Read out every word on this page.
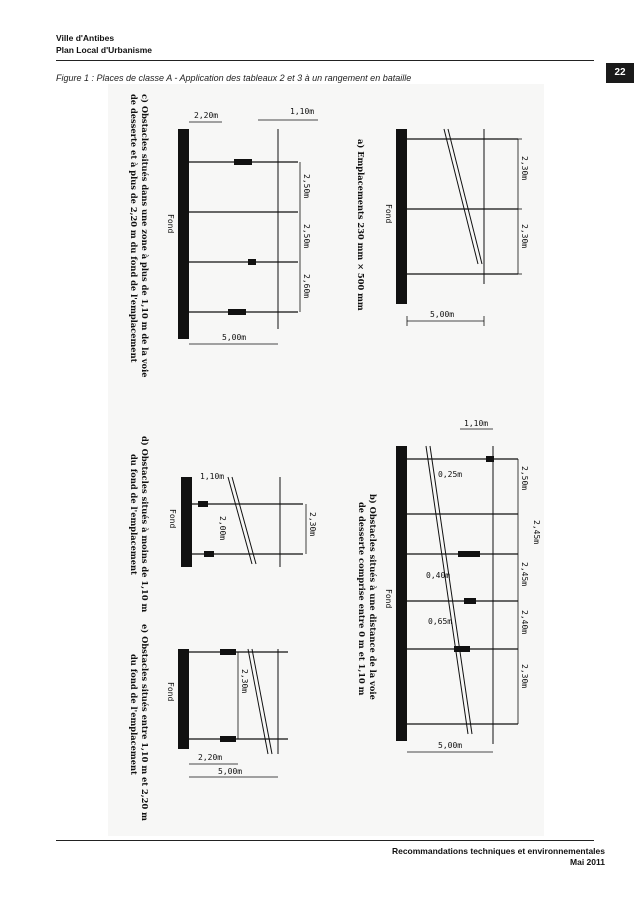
Ville d'Antibes
Plan Local d'Urbanisme
22
Figure 1 : Places de classe A - Application des tableaux 2 et 3 à un rangement en bataille
c) Obstacles situés dans une zone à plus de 1,10 m de la voie
de desserte et à plus de 2,20 m du fond de l'emplacement	a) Emplacements 230 mm × 500 mm
d) Obstacles situés à moins de 1,10 m
du fond de l'emplacement
e) Obstacles situés entre 1,10 m et 2,20 m
du fond de l'emplacement
b) Obstacles situés à une distance de la voie
de desserte comprise entre 0 m et 1,10 m
2,30m
2,30m
5,00m
Fond
2,20m	1,10m
2,50m
2,50m
2,60m
5,00m
Fond
1,10m
2,00m	2,30m
Fond
2,30m
2,20m
5,00m
Fond
1,10m
0,25m	2,50m
2,45m
2,45m
0,40m
2,40m
0,65m
2,30m
5,00m
Fond
Recommandations techniques et environnementales
Mai 2011
